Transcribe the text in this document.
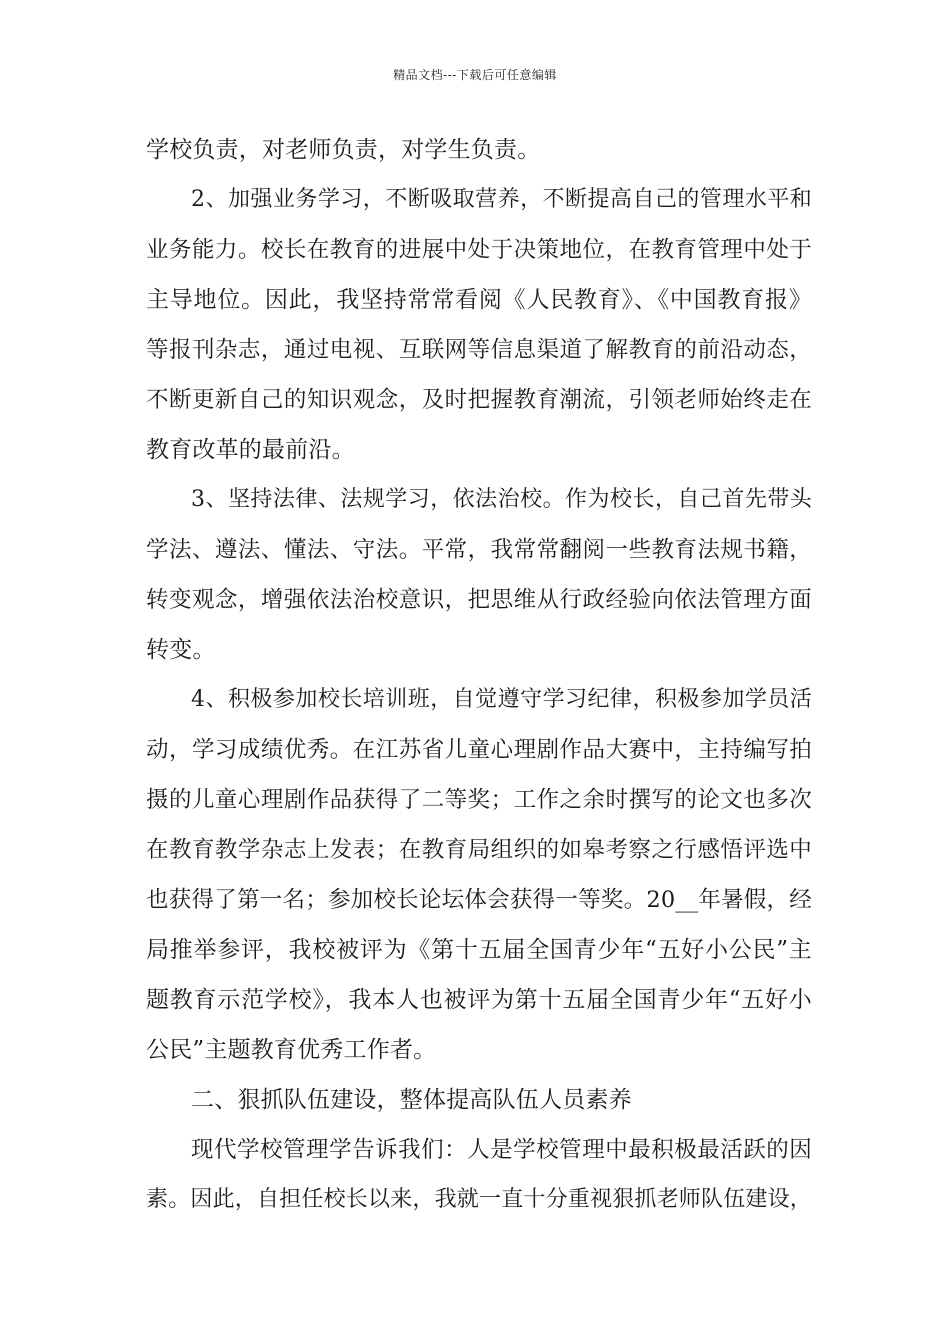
精品文档---下载后可任意编辑
学校负责，对老师负责，对学生负责。
2、加强业务学习，不断吸取营养，不断提高自己的管理水平和
业务能力。校长在教育的进展中处于决策地位，在教育管理中处于
主导地位。因此，我坚持常常看阅《人民教育》、《中国教育报》
等报刊杂志，通过电视、互联网等信息渠道了解教育的前沿动态，
不断更新自己的知识观念，及时把握教育潮流，引领老师始终走在
教育改革的最前沿。
3、坚持法律、法规学习，依法治校。作为校长，自己首先带头
学法、遵法、懂法、守法。平常，我常常翻阅一些教育法规书籍，
转变观念，增强依法治校意识，把思维从行政经验向依法管理方面
转变。
4、积极参加校长培训班，自觉遵守学习纪律，积极参加学员活
动，学习成绩优秀。在江苏省儿童心理剧作品大赛中，主持编写拍
摄的儿童心理剧作品获得了二等奖；工作之余时撰写的论文也多次
在教育教学杂志上发表；在教育局组织的如皋考察之行感悟评选中
也获得了第一名；参加校长论坛体会获得一等奖。20__年暑假，经
局推举参评，我校被评为《第十五届全国青少年“五好小公民”主
题教育示范学校》，我本人也被评为第十五届全国青少年“五好小
公民”主题教育优秀工作者。
二、狠抓队伍建设，整体提高队伍人员素养
现代学校管理学告诉我们：人是学校管理中最积极最活跃的因
素。因此，自担任校长以来，我就一直十分重视狠抓老师队伍建设，
